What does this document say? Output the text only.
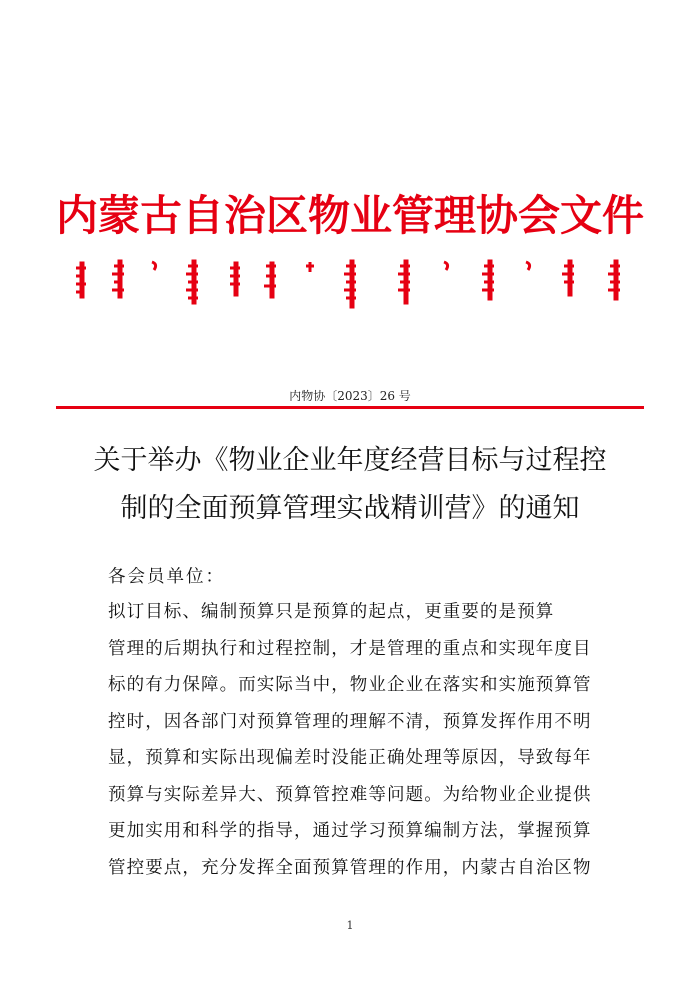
内蒙古自治区物业管理协会文件
内物协〔2023〕26 号
关于举办《物业企业年度经营目标与过程控
制的全面预算管理实战精训营》的通知
各会员单位：
拟订目标、编制预算只是预算的起点，更重要的是预算
管理的后期执行和过程控制，才是管理的重点和实现年度目
标的有力保障。而实际当中，物业企业在落实和实施预算管
控时，因各部门对预算管理的理解不清，预算发挥作用不明
显，预算和实际出现偏差时没能正确处理等原因，导致每年
预算与实际差异大、预算管控难等问题。为给物业企业提供
更加实用和科学的指导，通过学习预算编制方法，掌握预算
管控要点，充分发挥全面预算管理的作用，内蒙古自治区物
1
